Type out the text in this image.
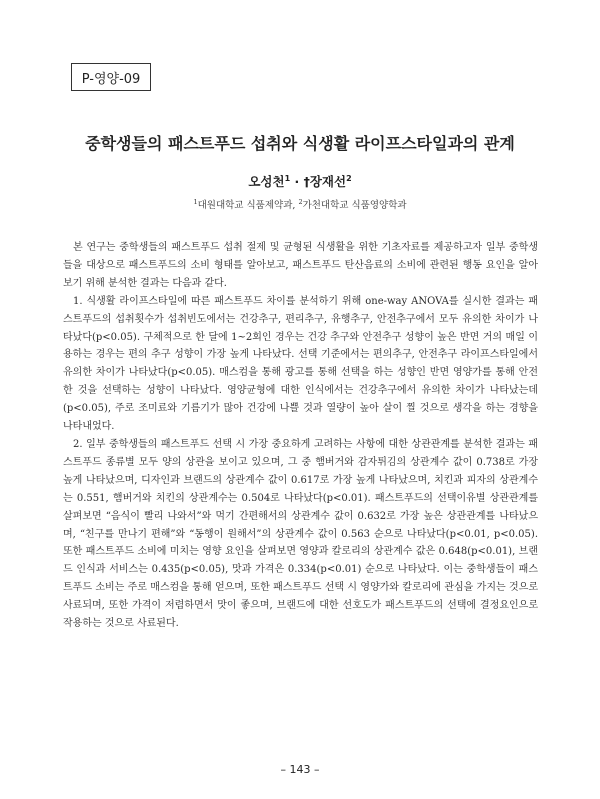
P-영양-09
중학생들의 패스트푸드 섭취와 식생활 라이프스타일과의 관계
오성천$^1$ · †장재선$^2$
$^1$대원대학교 식품제약과, $^2$가천대학교 식품영양학과

본 연구는 중학생들의 패스트푸드 섭취 절제 및 균형된 식생활을 위한 기초자료를 제공하고자 일부 중학생들을 대상으로 패스트푸드의 소비 형태를 알아보고, 패스트푸드 탄산음료의 소비에 관련된 행동 요인을 알아보기 위해 분석한 결과는 다음과 같다.

1. 식생활 라이프스타일에 따른 패스트푸드 차이를 분석하기 위해 one-way ANOVA를 실시한 결과는 패스트푸드의 섭취횟수가 섭취빈도에서는 건강추구, 편리추구, 유행추구, 안전추구에서 모두 유의한 차이가 나타났다(p<0.05). 구체적으로 한 달에 1~2회인 경우는 건강 추구와 안전추구 성향이 높은 반면 거의 매일 이용하는 경우는 편의 추구 성향이 가장 높게 나타났다. 선택 기준에서는 편의추구, 안전추구 라이프스타일에서 유의한 차이가 나타났다(p<0.05). 매스컴을 통해 광고를 통해 선택을 하는 성향인 반면 영양가를 통해 안전한 것을 선택하는 성향이 나타났다. 영양균형에 대한 인식에서는 건강추구에서 유의한 차이가 나타났는데(p<0.05), 주로 조미료와 기름기가 많아 건강에 나쁠 것과 열량이 높아 살이 찔 것으로 생각을 하는 경향을 나타내었다.

2. 일부 중학생들의 패스트푸드 선택 시 가장 중요하게 고려하는 사항에 대한 상관관계를 분석한 결과는 패스트푸드 종류별 모두 양의 상관을 보이고 있으며, 그 중 햄버거와 감자튀김의 상관계수 값이 0.738로 가장 높게 나타났으며, 디자인과 브랜드의 상관계수 값이 0.617로 가장 높게 나타났으며, 치킨과 피자의 상관계수는 0.551, 햄버거와 치킨의 상관계수는 0.504로 나타났다(p<0.01). 패스트푸드의 선택이유별 상관관계를 살펴보면 “음식이 빨리 나와서”와 먹기 간편해서의 상관계수 값이 0.632로 가장 높은 상관관계를 나타났으며, “친구를 만나기 편해”와 “동행이 원해서”의 상관계수 값이 0.563 순으로 나타났다(p<0.01, p<0.05). 또한 패스트푸드 소비에 미치는 영향 요인을 살펴보면 영양과 칼로리의 상관계수 값은 0.648(p<0.01), 브랜드 인식과 서비스는 0.435(p<0.05), 맛과 가격은 0.334(p<0.01) 순으로 나타났다. 이는 중학생들이 패스트푸드 소비는 주로 매스컴을 통해 얻으며, 또한 패스트푸드 선택 시 영양가와 칼로리에 관심을 가지는 것으로 사료되며, 또한 가격이 저렴하면서 맛이 좋으며, 브랜드에 대한 선호도가 패스트푸드의 선택에 결정요인으로 작용하는 것으로 사료된다.

– 143 –
